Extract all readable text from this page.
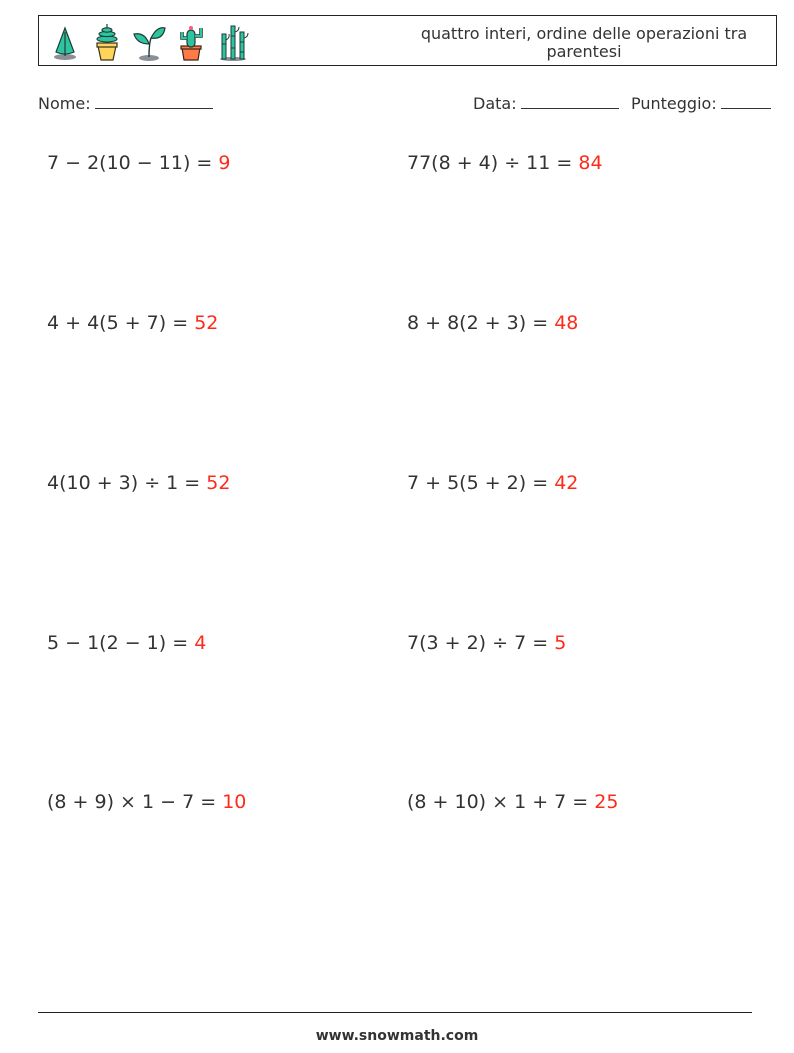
quattro interi, ordine delle operazioni tra parentesi
Nome:	Data:	Punteggio:
7 − 2(10 − 11) = 9	77(8 + 4) ÷ 11 = 84
4 + 4(5 + 7) = 52	8 + 8(2 + 3) = 48
4(10 + 3) ÷ 1 = 52	7 + 5(5 + 2) = 42
5 − 1(2 − 1) = 4	7(3 + 2) ÷ 7 = 5
(8 + 9) × 1 − 7 = 10	(8 + 10) × 1 + 7 = 25
www.snowmath.com
